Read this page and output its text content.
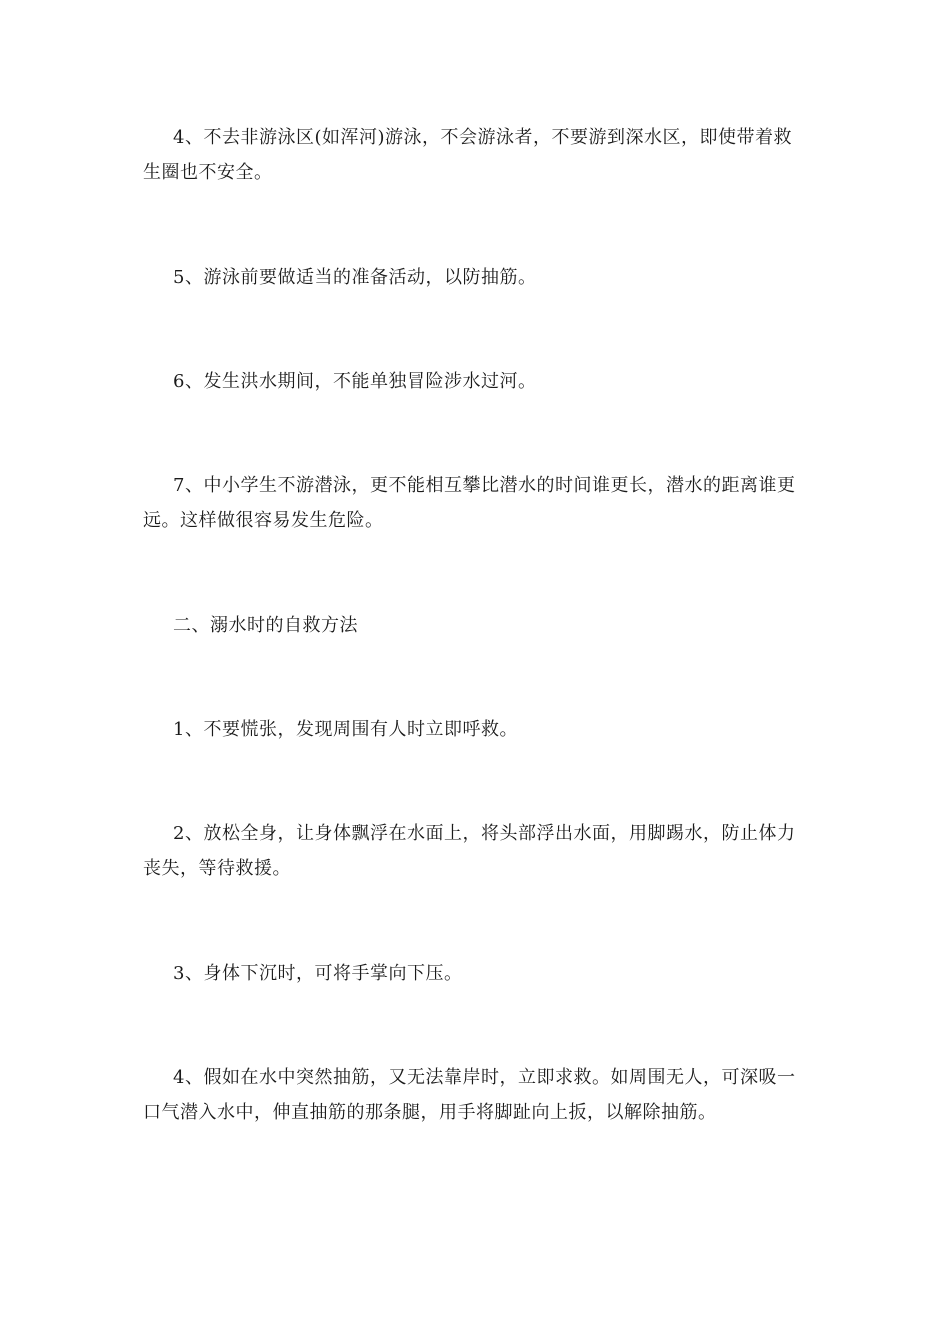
4、不去非游泳区(如浑河)游泳，不会游泳者，不要游到深水区，即使带着救生圈也不安全。

5、游泳前要做适当的准备活动，以防抽筋。

6、发生洪水期间，不能单独冒险涉水过河。

7、中小学生不游潜泳，更不能相互攀比潜水的时间谁更长，潜水的距离谁更远。这样做很容易发生危险。

二、溺水时的自救方法

1、不要慌张，发现周围有人时立即呼救。

2、放松全身，让身体飘浮在水面上，将头部浮出水面，用脚踢水，防止体力丧失，等待救援。

3、身体下沉时，可将手掌向下压。

4、假如在水中突然抽筋，又无法靠岸时，立即求救。如周围无人，可深吸一口气潜入水中，伸直抽筋的那条腿，用手将脚趾向上扳，以解除抽筋。
